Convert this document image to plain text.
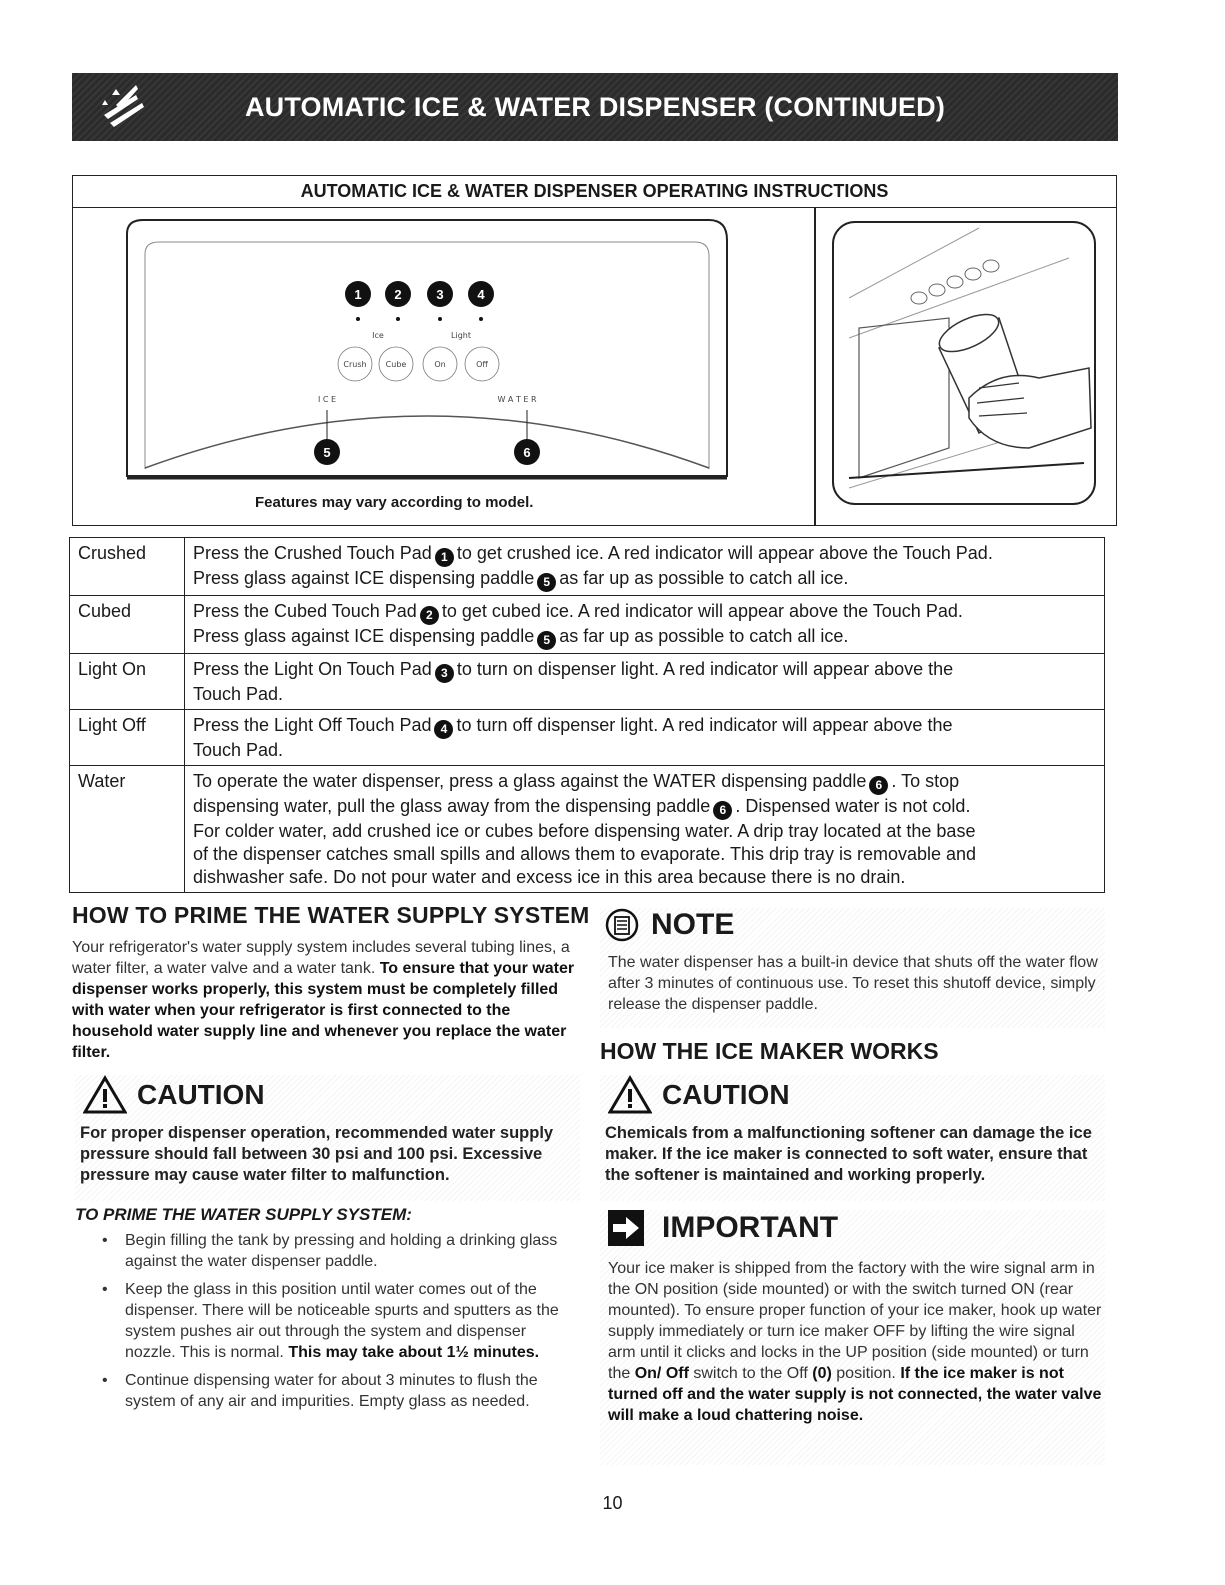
AUTOMATIC ICE & WATER DISPENSER (CONTINUED)
AUTOMATIC ICE & WATER DISPENSER OPERATING INSTRUCTIONS
1	2	3	4
Ice	Light
Crush Cube	On	Off
I C E	W A T E R
5	6
Features may vary according to model.
Crushed	Press the Crushed Touch Pad 1 to get crushed ice. A red indicator will appear above the Touch Pad.
Press glass against ICE dispensing paddle 5 as far up as possible to catch all ice.
Cubed	Press the Cubed Touch Pad 2 to get cubed ice. A red indicator will appear above the Touch Pad.
Press glass against ICE dispensing paddle 5 as far up as possible to catch all ice.
Light On	Press the Light On Touch Pad 3 to turn on dispenser light. A red indicator will appear above the
Touch Pad.
Light Off	Press the Light Off Touch Pad 4 to turn off dispenser light. A red indicator will appear above the
Touch Pad.
Water	To operate the water dispenser, press a glass against the WATER dispensing paddle 6 . To stop
dispensing water, pull the glass away from the dispensing paddle 6 . Dispensed water is not cold.
For colder water, add crushed ice or cubes before dispensing water. A drip tray located at the base
of the dispenser catches small spills and allows them to evaporate. This drip tray is removable and
dishwasher safe. Do not pour water and excess ice in this area because there is no drain.
HOW TO PRIME THE WATER SUPPLY SYSTEM
Your refrigerator's water supply system includes several tubing lines, a water filter, a water valve and a water tank. To ensure that your water dispenser works properly, this system must be completely filled with water when your refrigerator is first connected to the household water supply line and whenever you replace the water filter.
CAUTION
For proper dispenser operation, recommended water supply pressure should fall between 30 psi and 100 psi. Excessive pressure may cause water filter to malfunction.
TO PRIME THE WATER SUPPLY SYSTEM:
• Begin filling the tank by pressing and holding a drinking glass against the water dispenser paddle.
• Keep the glass in this position until water comes out of the dispenser. There will be noticeable spurts and sputters as the system pushes air out through the system and dispenser nozzle. This is normal. This may take about 1½ minutes.
• Continue dispensing water for about 3 minutes to flush the system of any air and impurities. Empty glass as needed.
NOTE
The water dispenser has a built-in device that shuts off the water flow after 3 minutes of continuous use. To reset this shutoff device, simply release the dispenser paddle.
HOW THE ICE MAKER WORKS
CAUTION
Chemicals from a malfunctioning softener can damage the ice maker. If the ice maker is connected to soft water, ensure that the softener is maintained and working properly.
IMPORTANT
Your ice maker is shipped from the factory with the wire signal arm in the ON position (side mounted) or with the switch turned ON (rear mounted). To ensure proper function of your ice maker, hook up water supply immediately or turn ice maker OFF by lifting the wire signal arm until it clicks and locks in the UP position (side mounted) or turn the On/ Off switch to the Off (0) position. If the ice maker is not turned off and the water supply is not connected, the water valve will make a loud chattering noise.
10
